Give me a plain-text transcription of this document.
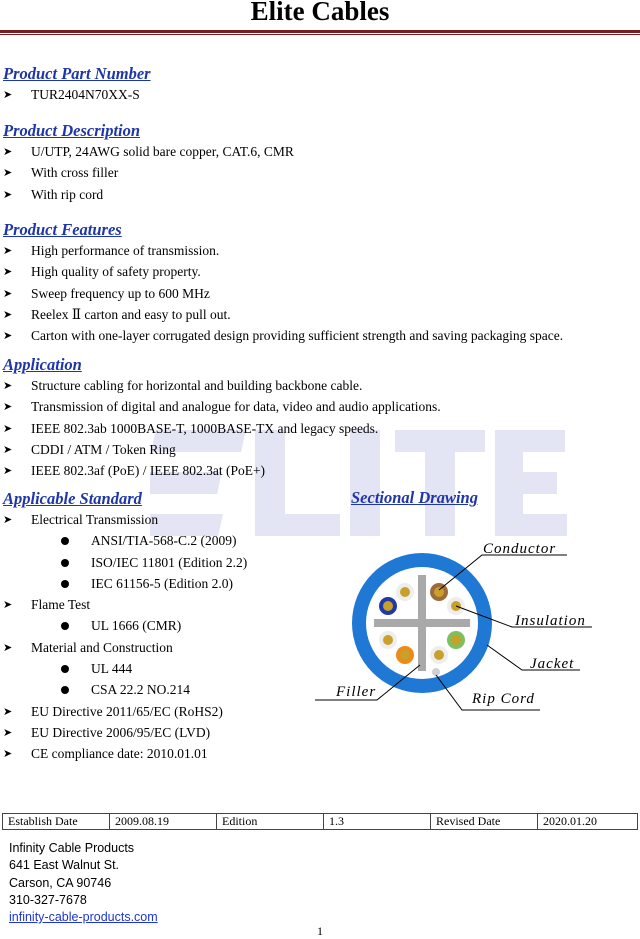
Elite Cables
Product Part Number
➤ TUR2404N70XX-S
Product Description
➤ U/UTP, 24AWG solid bare copper, CAT.6, CMR
➤ With cross filler
➤ With rip cord
Product Features
➤ High performance of transmission.
➤ High quality of safety property.
➤ Sweep frequency up to 600 MHz
➤ Reelex Ⅱ carton and easy to pull out.
➤ Carton with one-layer corrugated design providing sufficient strength and saving packaging space.
Application
➤ Structure cabling for horizontal and building backbone cable.
➤ Transmission of digital and analogue for data, video and audio applications.
➤ IEEE 802.3ab 1000BASE-T, 1000BASE-TX and legacy speeds.
➤ CDDI / ATM / Token Ring
➤ IEEE 802.3af (PoE) / IEEE 802.3at (PoE+)
Applicable Standard
➤ Electrical Transmission
ANSI/TIA-568-C.2 (2009)
ISO/IEC 11801 (Edition 2.2)
IEC 61156-5 (Edition 2.0)
➤ Flame Test
UL 1666 (CMR)
➤ Material and Construction
UL 444
CSA 22.2 NO.214
➤ EU Directive 2011/65/EC (RoHS2)
➤ EU Directive 2006/95/EC (LVD)
➤ CE compliance date: 2010.01.01
Sectional Drawing
Conductor
Insulation
Jacket
Filler	Rip Cord
Establish Date	2009.08.19	Edition	1.3	Revised Date	2020.01.20
Infinity Cable Products
641 East Walnut St.
Carson, CA 90746
310-327-7678
infinity-cable-products.com
1
